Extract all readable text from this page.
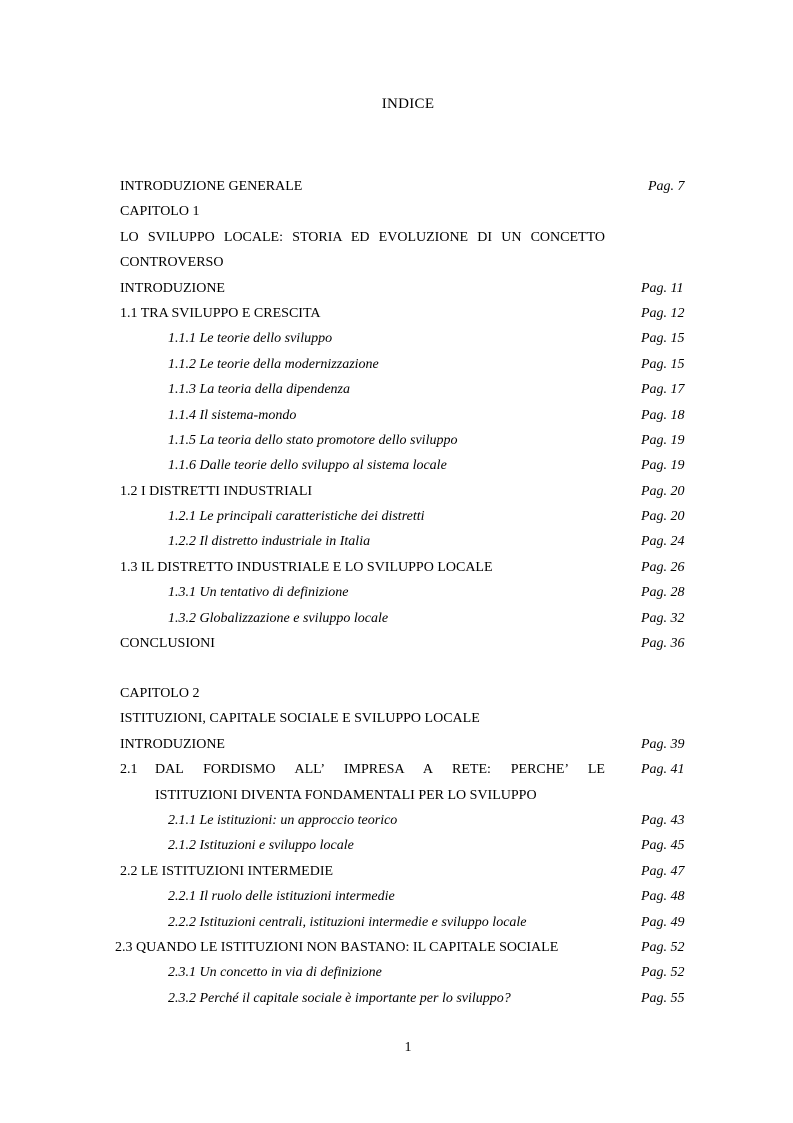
INDICE
INTRODUZIONE GENERALE	Pag. 7
CAPITOLO 1
LO SVILUPPO LOCALE: STORIA ED EVOLUZIONE DI UN CONCETTO
CONTROVERSO
INTRODUZIONE	Pag. 11
1.1 TRA SVILUPPO E CRESCITA	Pag. 12
1.1.1 Le teorie dello sviluppo	Pag. 15
1.1.2 Le teorie della modernizzazione	Pag. 15
1.1.3 La teoria della dipendenza	Pag. 17
1.1.4 Il sistema-mondo	Pag. 18
1.1.5 La teoria dello stato promotore dello sviluppo	Pag. 19
1.1.6 Dalle teorie dello sviluppo al sistema locale	Pag. 19
1.2 I DISTRETTI INDUSTRIALI	Pag. 20
1.2.1 Le principali caratteristiche dei distretti	Pag. 20
1.2.2 Il distretto industriale in Italia	Pag. 24
1.3 IL DISTRETTO INDUSTRIALE E LO SVILUPPO LOCALE	Pag. 26
1.3.1 Un tentativo di definizione	Pag. 28
1.3.2 Globalizzazione e sviluppo locale	Pag. 32
CONCLUSIONI	Pag. 36
CAPITOLO 2
ISTITUZIONI, CAPITALE SOCIALE E SVILUPPO LOCALE
INTRODUZIONE	Pag. 39
2.1 DAL FORDISMO ALL’ IMPRESA A RETE: PERCHE’ LE	Pag. 41
ISTITUZIONI DIVENTA FONDAMENTALI PER LO SVILUPPO
2.1.1 Le istituzioni: un approccio teorico	Pag. 43
2.1.2 Istituzioni e sviluppo locale	Pag. 45
2.2 LE ISTITUZIONI INTERMEDIE	Pag. 47
2.2.1 Il ruolo delle istituzioni intermedie	Pag. 48
2.2.2 Istituzioni centrali, istituzioni intermedie e sviluppo locale	Pag. 49
2.3 QUANDO LE ISTITUZIONI NON BASTANO: IL CAPITALE SOCIALE	Pag. 52
2.3.1 Un concetto in via di definizione	Pag. 52
2.3.2 Perché il capitale sociale è importante per lo sviluppo?	Pag. 55
1
